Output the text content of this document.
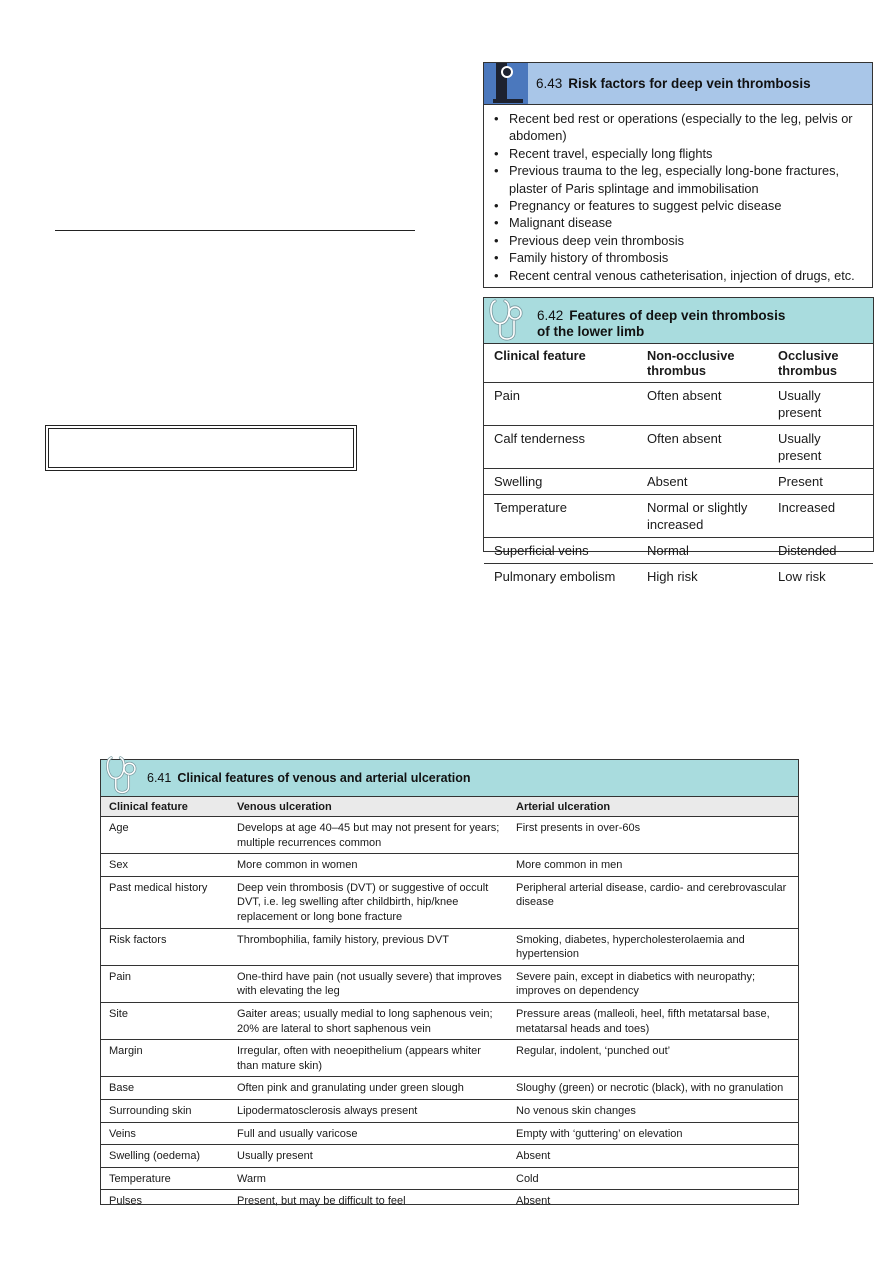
6.43 Risk factors for deep vein thrombosis
• Recent bed rest or operations (especially to the leg, pelvis or abdomen)
• Recent travel, especially long flights
• Previous trauma to the leg, especially long-bone fractures, plaster of Paris splintage and immobilisation
• Pregnancy or features to suggest pelvic disease
• Malignant disease
• Previous deep vein thrombosis
• Family history of thrombosis
• Recent central venous catheterisation, injection of drugs, etc.
6.42 Features of deep vein thrombosis
of the lower limb
Clinical feature	Non-occlusive thrombus	Occlusive thrombus
Pain	Often absent	Usually present
Calf tenderness	Often absent	Usually present
Swelling	Absent	Present
Temperature	Normal or slightly increased	Increased
Superficial veins	Normal	Distended
Pulmonary embolism	High risk	Low risk
6.41 Clinical features of venous and arterial ulceration
Clinical feature	Venous ulceration	Arterial ulceration
Age	Develops at age 40–45 but may not present for years; multiple recurrences common	First presents in over-60s
Sex	More common in women	More common in men
Past medical history	Deep vein thrombosis (DVT) or suggestive of occult DVT, i.e. leg swelling after childbirth, hip/knee replacement or long bone fracture	Peripheral arterial disease, cardio- and cerebrovascular disease
Risk factors	Thrombophilia, family history, previous DVT	Smoking, diabetes, hypercholesterolaemia and hypertension
Pain	One-third have pain (not usually severe) that improves with elevating the leg	Severe pain, except in diabetics with neuropathy; improves on dependency
Site	Gaiter areas; usually medial to long saphenous vein; 20% are lateral to short saphenous vein	Pressure areas (malleoli, heel, fifth metatarsal base, metatarsal heads and toes)
Margin	Irregular, often with neoepithelium (appears whiter than mature skin)	Regular, indolent, ‘punched out’
Base	Often pink and granulating under green slough	Sloughy (green) or necrotic (black), with no granulation
Surrounding skin	Lipodermatosclerosis always present	No venous skin changes
Veins	Full and usually varicose	Empty with ‘guttering’ on elevation
Swelling (oedema)	Usually present	Absent
Temperature	Warm	Cold
Pulses	Present, but may be difficult to feel	Absent
